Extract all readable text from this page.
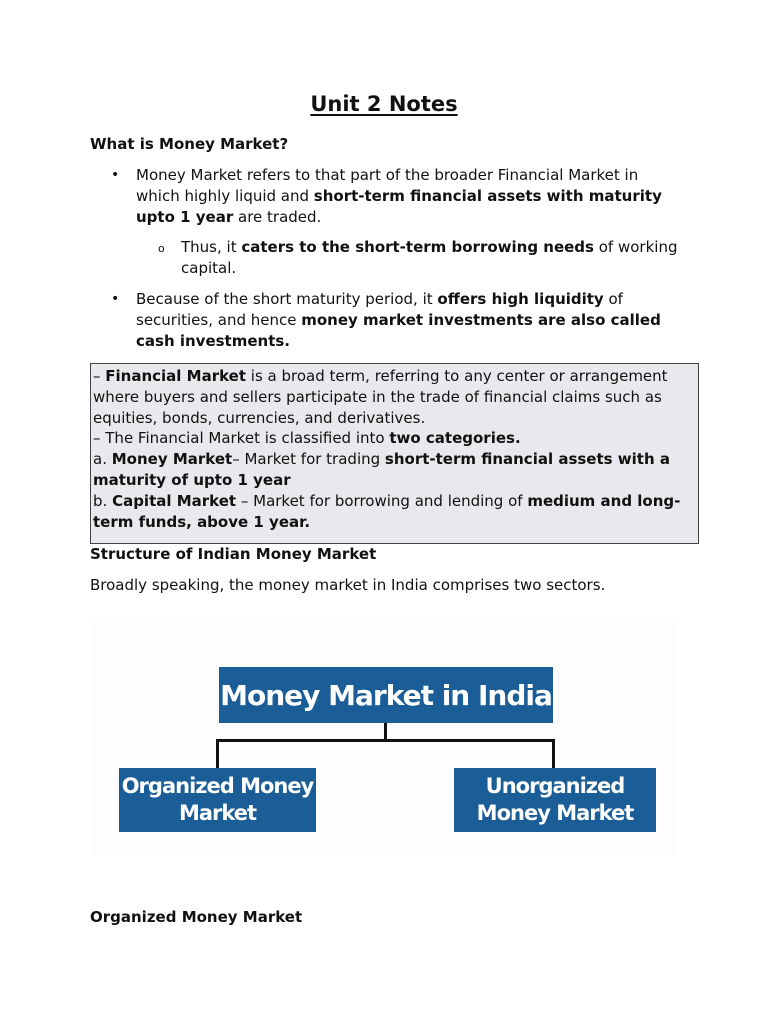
Unit 2 Notes
What is Money Market?
• Money Market refers to that part of the broader Financial Market in which highly liquid and short-term financial assets with maturity upto 1 year are traded.
o Thus, it caters to the short-term borrowing needs of working capital.
• Because of the short maturity period, it offers high liquidity of securities, and hence money market investments are also called cash investments.
– Financial Market is a broad term, referring to any center or arrangement where buyers and sellers participate in the trade of financial claims such as equities, bonds, currencies, and derivatives.
– The Financial Market is classified into two categories.
a. Money Market– Market for trading short-term financial assets with a maturity of upto 1 year
b. Capital Market – Market for borrowing and lending of medium and long-term funds, above 1 year.
Structure of Indian Money Market
Broadly speaking, the money market in India comprises two sectors.
Money Market in India
Organized Money Market
Unorganized Money Market
Organized Money Market
